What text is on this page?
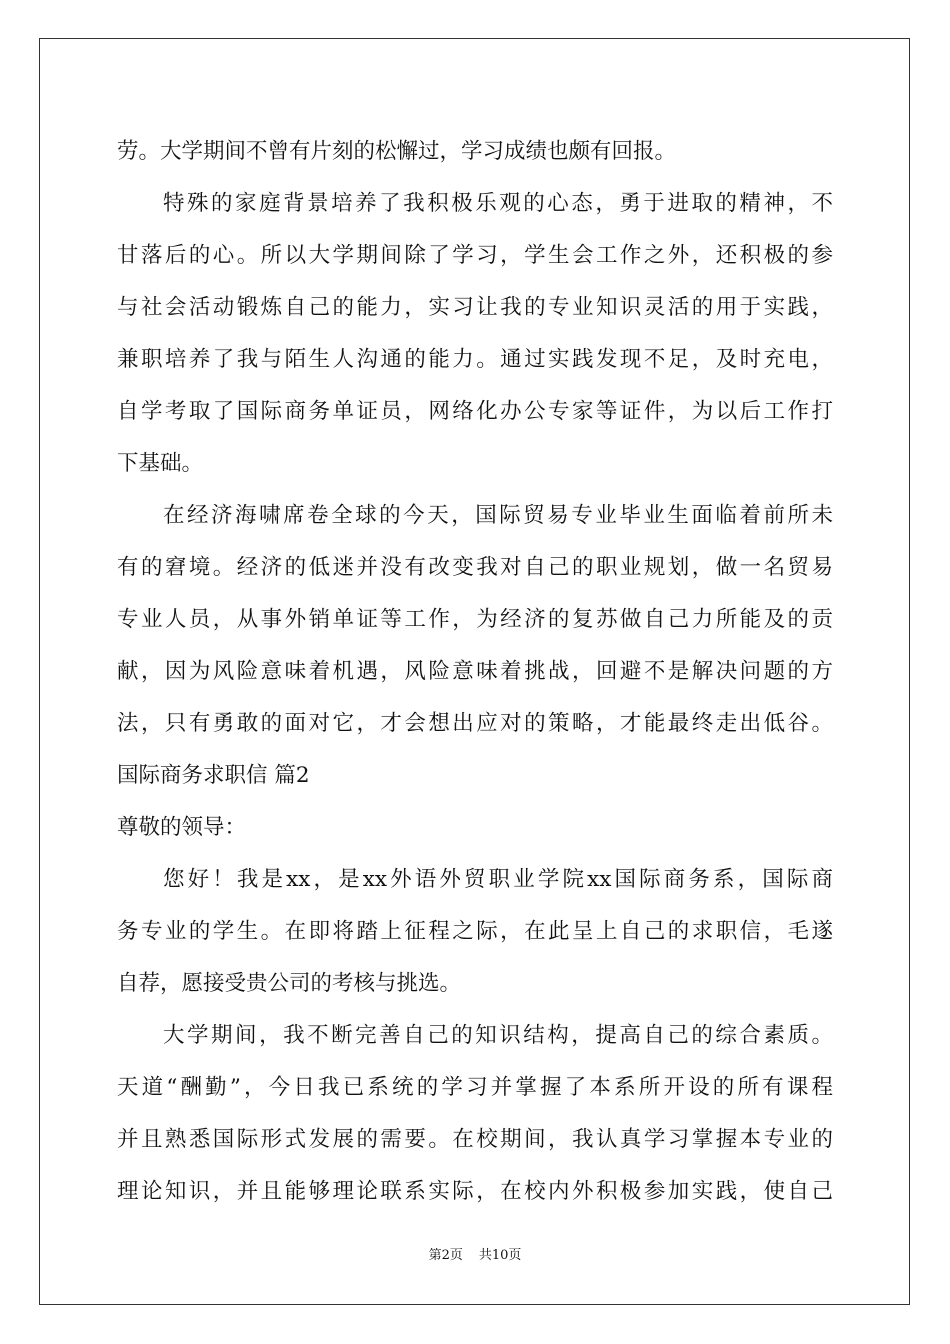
劳。大学期间不曾有片刻的松懈过，学习成绩也颇有回报。
特殊的家庭背景培养了我积极乐观的心态，勇于进取的精神，不
甘落后的心。所以大学期间除了学习，学生会工作之外，还积极的参
与社会活动锻炼自己的能力，实习让我的专业知识灵活的用于实践，
兼职培养了我与陌生人沟通的能力。通过实践发现不足，及时充电，
自学考取了国际商务单证员，网络化办公专家等证件，为以后工作打
下基础。
在经济海啸席卷全球的今天，国际贸易专业毕业生面临着前所未
有的窘境。经济的低迷并没有改变我对自己的职业规划，做一名贸易
专业人员，从事外销单证等工作，为经济的复苏做自己力所能及的贡
献，因为风险意味着机遇，风险意味着挑战，回避不是解决问题的方
法，只有勇敢的面对它，才会想出应对的策略，才能最终走出低谷。
国际商务求职信 篇2
尊敬的领导：
您好！我是xx，是xx外语外贸职业学院xx国际商务系，国际商
务专业的学生。在即将踏上征程之际，在此呈上自己的求职信，毛遂
自荐，愿接受贵公司的考核与挑选。
大学期间，我不断完善自己的知识结构，提高自己的综合素质。
天道“酬勤”，今日我已系统的学习并掌握了本系所开设的所有课程
并且熟悉国际形式发展的需要。在校期间，我认真学习掌握本专业的
理论知识，并且能够理论联系实际，在校内外积极参加实践，使自己
第2页 共10页
